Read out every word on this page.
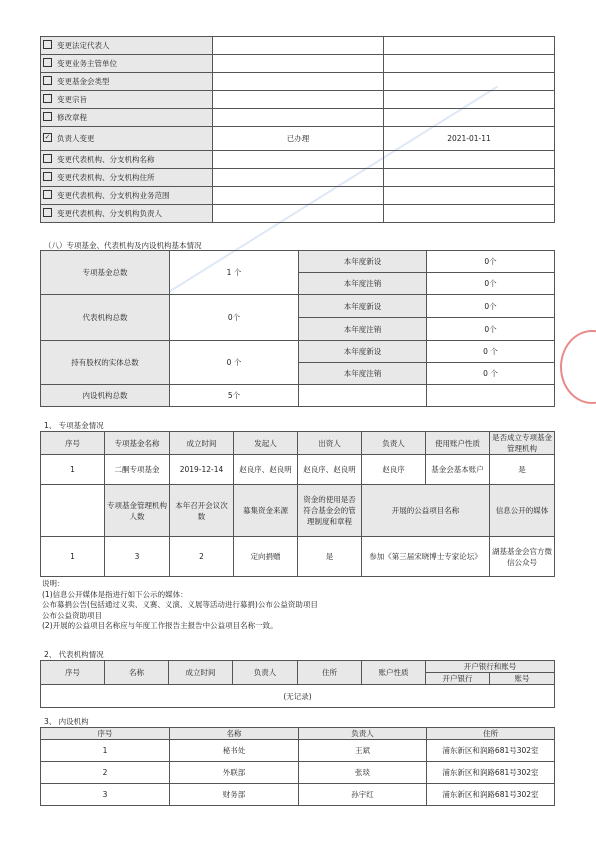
变更法定代表人		
变更业务主管单位		
变更基金会类型		
变更宗旨		
修改章程		
✓ 负责人变更	已办理	2021-01-11
变更代表机构、分支机构名称		
变更代表机构、分支机构住所		
变更代表机构、分支机构业务范围		
变更代表机构、分支机构负责人		
（八）专项基金、代表机构及内设机构基本情况
专项基金总数	1 个	本年度新设	0个
		本年度注销	0个
代表机构总数	0个	本年度新设	0个
		本年度注销	0个
持有股权的实体总数	0 个	本年度新设	0 个
		本年度注销	0 个
内设机构总数	5个		
1、 专项基金情况
序号	专项基金名称	成立时间	发起人	出资人	负责人	使用账户性质	是否成立专项基金管理机构
1	二酮专项基金	2019-12-14	赵良序、赵良明	赵良序、赵良明	赵良序	基金会基本账户	是
	专项基金管理机构人数	本年召开会议次数	募集资金来源	资金的使用是否符合基金会的管理制度和章程	开展的公益项目名称		信息公开的媒体
1	3	2	定向捐赠	是	参加《第三届宋晓博士专家论坛》		湖基基金会官方微信公众号
说明：
(1)信息公开媒体是指进行如下公示的媒体：
公布募捐公告(包括通过义卖、义赛、义演、义展等活动进行募捐)公布公益资助项目
公布公益资助项目
(2)开展的公益项目名称应与年度工作报告主报告中公益项目名称一致。
2、 代表机构情况
序号	名称	成立时间	负责人	住所	账户性质	开户银行和账号	
						开户银行	账号
(无记录)							
3、 内设机构
序号	名称	负责人	住所
1	秘书处	王斌	浦东新区和润路681号302室
2	外联部	张琰	浦东新区和润路681号302室
3	财务部	孙宇红	浦东新区和润路681号302室
